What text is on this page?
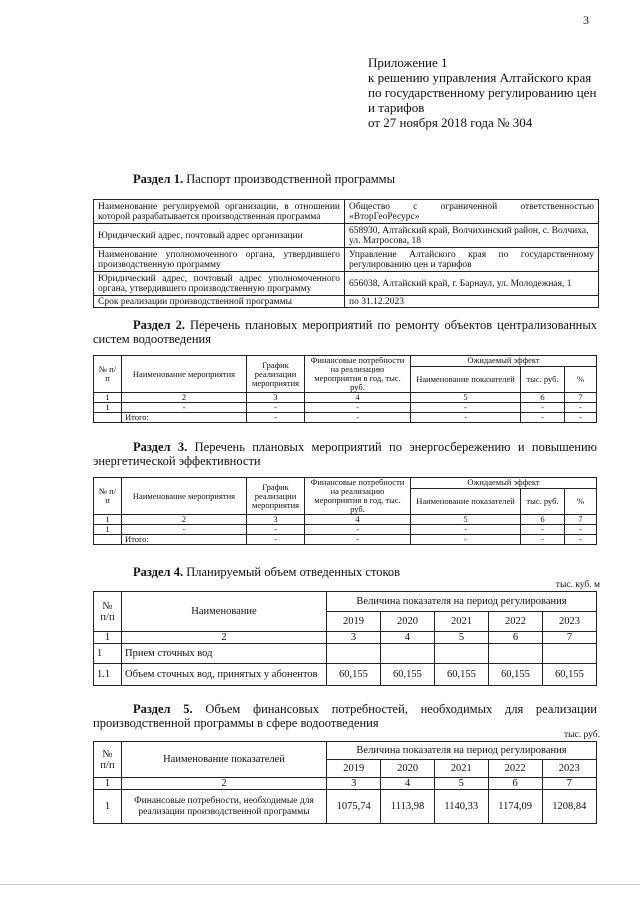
3
Приложение 1
к решению управления Алтайского края
по государственному регулированию цен
и тарифов
от 27 ноября 2018 года № 304
Раздел 1. Паспорт производственной программы
Наименование регулируемой организации, в отношении которой разрабатывается производственная программа	Общество с ограниченной ответственностью «ВторГеоРесурс»
Юридический адрес, почтовый адрес организации	658930, Алтайский край, Волчихинский район, с. Волчиха, ул. Матросова, 18
Наименование уполномоченного органа, утвердившего производственную программу	Управление Алтайского края по государственному регулированию цен и тарифов
Юридический адрес, почтовый адрес уполномоченного органа, утвердившего производственную программу	656038, Алтайский край, г. Барнаул, ул. Молодежная, 1
Срок реализации производственной программы	по 31.12.2023
Раздел 2. Перечень плановых мероприятий по ремонту объектов централизованных систем водоотведения
№ п/п	Наименование мероприятия	График реализации мероприятия	Финансовые потребности на реализацию мероприятия в год, тыс. руб.	Ожидаемый эффект		
				Наименование показателей	тыс. руб.	%
1	2	3	4	5	6	7
1	-	-	-	-	-	-
	Итого:	-	-	-	-	-
Раздел 3. Перечень плановых мероприятий по энергосбережению и повышению энергетической эффективности
№ п/п	Наименование мероприятия	График реализации мероприятия	Финансовые потребности на реализацию мероприятия в год, тыс. руб.	Ожидаемый эффект		
				Наименование показателей	тыс. руб.	%
1	2	3	4	5	6	7
1	-	-	-	-	-	-
	Итого:	-	-	-	-	-
Раздел 4. Планируемый объем отведенных стоков
тыс. куб. м
№ п/п	Наименование	Величина показателя на период регулирования				
		2019	2020	2021	2022	2023
1	2	3	4	5	6	7
1	Прием сточных вод					
1.1	Объем сточных вод, принятых у абонентов	60,155	60,155	60,155	60,155	60,155
Раздел 5. Объем финансовых потребностей, необходимых для реализации производственной программы в сфере водоотведения
тыс. руб.
№ п/п	Наименование показателей	Величина показателя на период регулирования				
		2019	2020	2021	2022	2023
1	2	3	4	5	6	7
1	Финансовые потребности, необходимые для реализации производственной программы	1075,74	1113,98	1140,33	1174,09	1208,84
